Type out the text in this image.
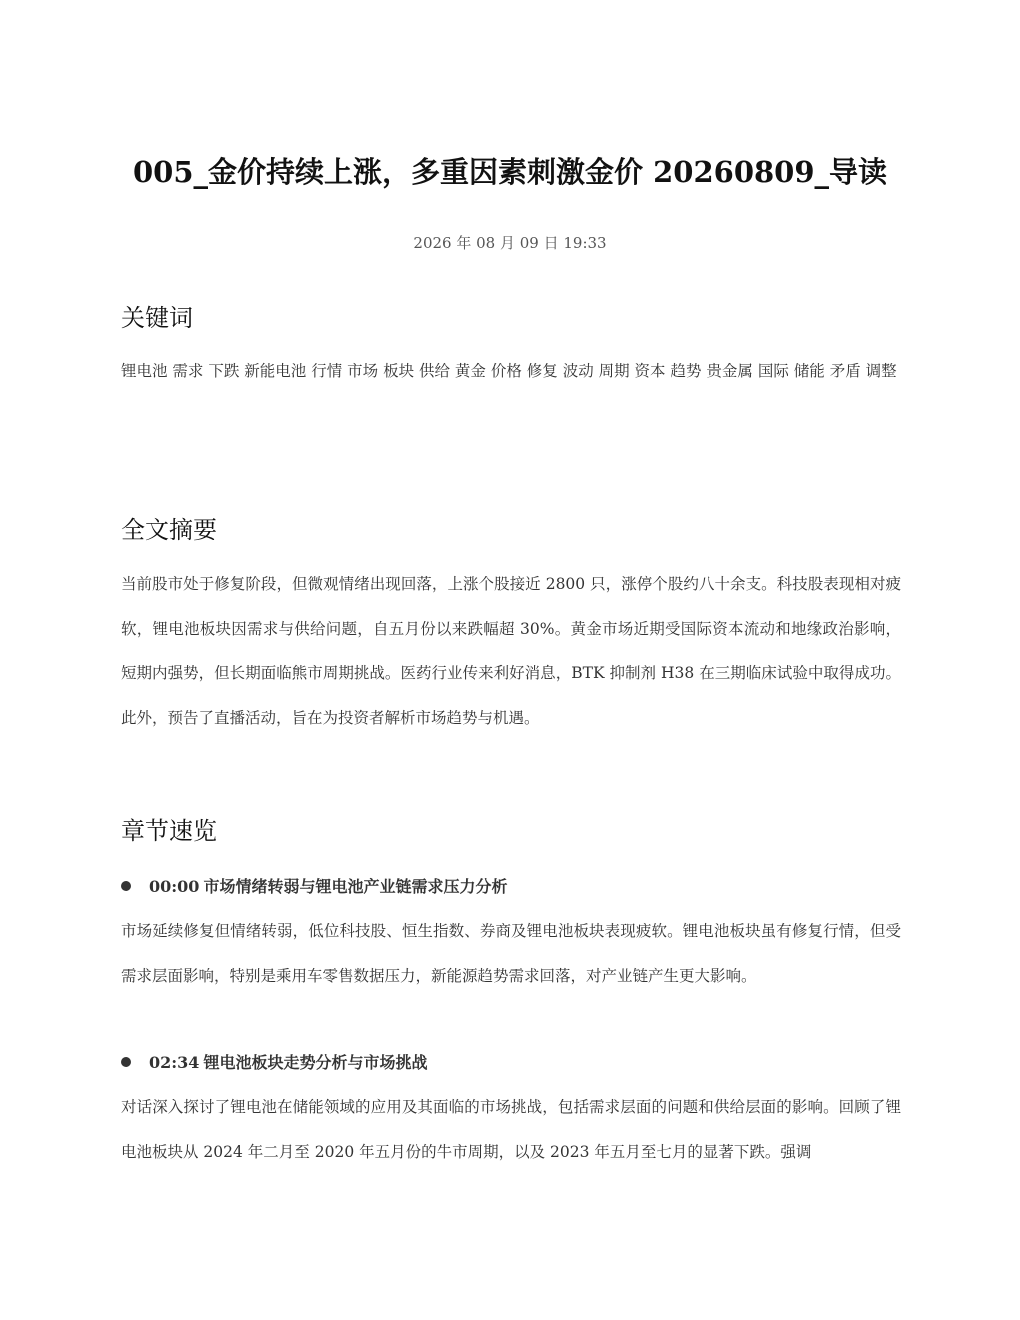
005_金价持续上涨，多重因素刺激金价 20260809_导读
2026 年 08 月 09 日 19:33
关键词

锂电池 需求 下跌 新能电池 行情 市场 板块 供给 黄金 价格 修复 波动 周期 资本 趋势 贵金属 国际 储能 矛盾 调整

全文摘要

当前股市处于修复阶段，但微观情绪出现回落，上涨个股接近 2800 只，涨停个股约八十余支。科技股表现相对疲软，锂电池板块因需求与供给问题，自五月份以来跌幅超 30%。黄金市场近期受国际资本流动和地缘政治影响，短期内强势，但长期面临熊市周期挑战。医药行业传来利好消息，BTK 抑制剂 H38 在三期临床试验中取得成功。此外，预告了直播活动，旨在为投资者解析市场趋势与机遇。

章节速览
00:00 市场情绪转弱与锂电池产业链需求压力分析

市场延续修复但情绪转弱，低位科技股、恒生指数、券商及锂电池板块表现疲软。锂电池板块虽有修复行情，但受需求层面影响，特别是乘用车零售数据压力，新能源趋势需求回落，对产业链产生更大影响。

02:34 锂电池板块走势分析与市场挑战

对话深入探讨了锂电池在储能领域的应用及其面临的市场挑战，包括需求层面的问题和供给层面的影响。回顾了锂电池板块从 2024 年二月至 2020 年五月份的牛市周期，以及 2023 年五月至七月的显著下跌。强调
